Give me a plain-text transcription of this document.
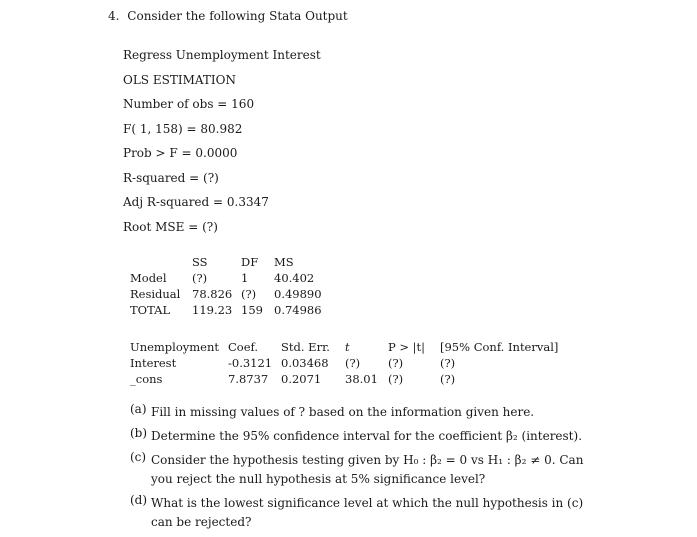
4. Consider the following Stata Output
Regress Unemployment Interest
OLS ESTIMATION
Number of obs = 160
F( 1, 158) = 80.982
Prob > F = 0.0000
R-squared = (?)
Adj R-squared = 0.3347
Root MSE = (?)
	SS	DF	MS
Model	(?)	1	40.402
Residual	78.826	(?)	0.49890
TOTAL	119.23	159	0.74986
Unemployment	Coef.	Std. Err.	t	P > |t|	[95% Conf. Interval]
Interest	-0.3121	0.03468	(?)	(?)	(?)
_cons	7.8737	0.2071	38.01	(?)	(?)
(a) Fill in missing values of ? based on the information given here.
(b) Determine the 95% confidence interval for the coefficient β₂ (interest).
(c) Consider the hypothesis testing given by H₀ : β₂ = 0 vs H₁ : β₂ ≠ 0. Can you reject the null hypothesis at 5% significance level?
(d) What is the lowest significance level at which the null hypothesis in (c) can be rejected?
